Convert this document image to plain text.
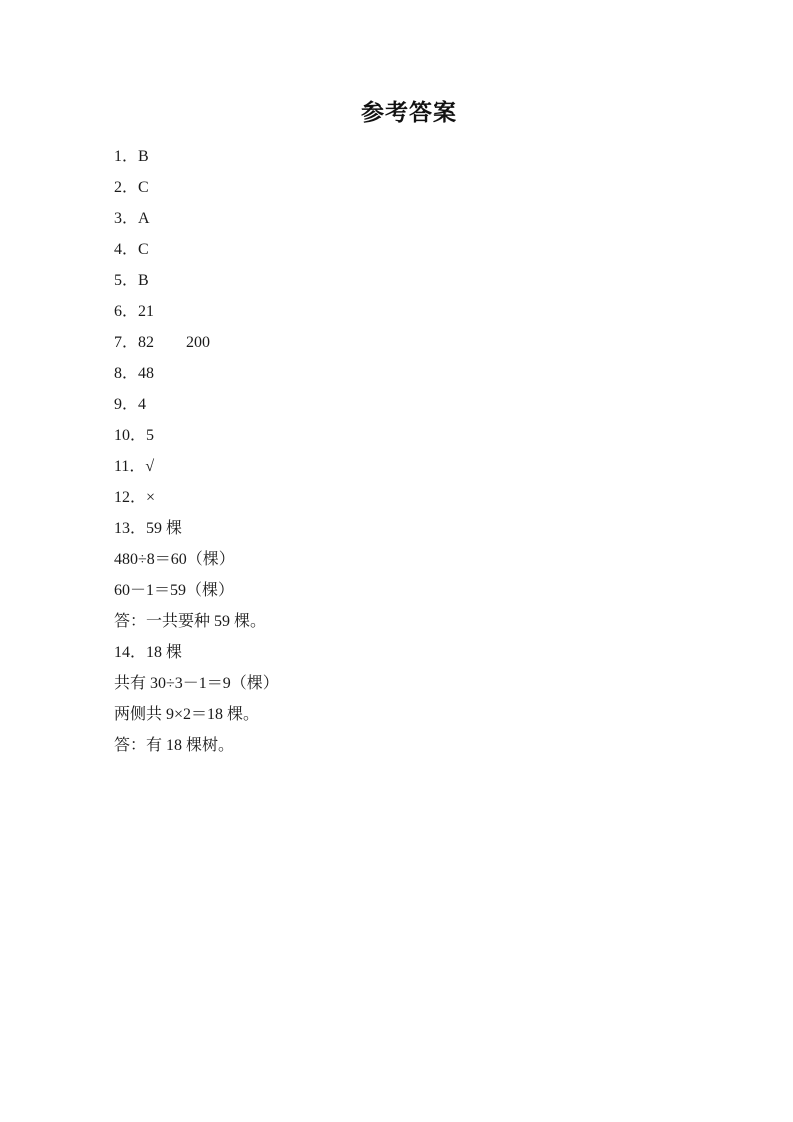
参考答案
1．B
2．C
3．A
4．C
5．B
6．21
7．82　　200
8．48
9．4
10．5
11．√
12．×
13．59 棵
480÷8＝60（棵）
60－1＝59（棵）
答：一共要种 59 棵。
14．18 棵
共有 30÷3－1＝9（棵）
两侧共 9×2＝18 棵。
答：有 18 棵树。
